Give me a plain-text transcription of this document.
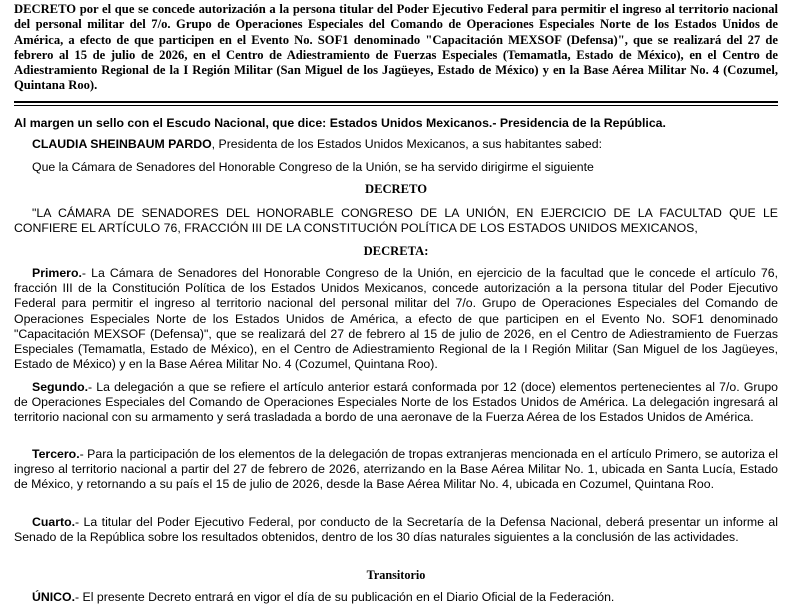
DECRETO por el que se concede autorización a la persona titular del Poder Ejecutivo Federal para permitir el ingreso al territorio nacional del personal militar del 7/o. Grupo de Operaciones Especiales del Comando de Operaciones Especiales Norte de los Estados Unidos de América, a efecto de que participen en el Evento No. SOF1 denominado "Capacitación MEXSOF (Defensa)", que se realizará del 27 de febrero al 15 de julio de 2026, en el Centro de Adiestramiento de Fuerzas Especiales (Temamatla, Estado de México), en el Centro de Adiestramiento Regional de la I Región Militar (San Miguel de los Jagüeyes, Estado de México) y en la Base Aérea Militar No. 4 (Cozumel, Quintana Roo).
Al margen un sello con el Escudo Nacional, que dice: Estados Unidos Mexicanos.- Presidencia de la República.
CLAUDIA SHEINBAUM PARDO, Presidenta de los Estados Unidos Mexicanos, a sus habitantes sabed:
Que la Cámara de Senadores del Honorable Congreso de la Unión, se ha servido dirigirme el siguiente
DECRETO
"LA CÁMARA DE SENADORES DEL HONORABLE CONGRESO DE LA UNIÓN, EN EJERCICIO DE LA FACULTAD QUE LE CONFIERE EL ARTÍCULO 76, FRACCIÓN III DE LA CONSTITUCIÓN POLÍTICA DE LOS ESTADOS UNIDOS MEXICANOS,
DECRETA:
Primero.- La Cámara de Senadores del Honorable Congreso de la Unión, en ejercicio de la facultad que le concede el artículo 76, fracción III de la Constitución Política de los Estados Unidos Mexicanos, concede autorización a la persona titular del Poder Ejecutivo Federal para permitir el ingreso al territorio nacional del personal militar del 7/o. Grupo de Operaciones Especiales del Comando de Operaciones Especiales Norte de los Estados Unidos de América, a efecto de que participen en el Evento No. SOF1 denominado "Capacitación MEXSOF (Defensa)", que se realizará del 27 de febrero al 15 de julio de 2026, en el Centro de Adiestramiento de Fuerzas Especiales (Temamatla, Estado de México), en el Centro de Adiestramiento Regional de la I Región Militar (San Miguel de los Jagüeyes, Estado de México) y en la Base Aérea Militar No. 4 (Cozumel, Quintana Roo).
Segundo.- La delegación a que se refiere el artículo anterior estará conformada por 12 (doce) elementos pertenecientes al 7/o. Grupo de Operaciones Especiales del Comando de Operaciones Especiales Norte de los Estados Unidos de América. La delegación ingresará al territorio nacional con su armamento y será trasladada a bordo de una aeronave de la Fuerza Aérea de los Estados Unidos de América.
Tercero.- Para la participación de los elementos de la delegación de tropas extranjeras mencionada en el artículo Primero, se autoriza el ingreso al territorio nacional a partir del 27 de febrero de 2026, aterrizando en la Base Aérea Militar No. 1, ubicada en Santa Lucía, Estado de México, y retornando a su país el 15 de julio de 2026, desde la Base Aérea Militar No. 4, ubicada en Cozumel, Quintana Roo.
Cuarto.- La titular del Poder Ejecutivo Federal, por conducto de la Secretaría de la Defensa Nacional, deberá presentar un informe al Senado de la República sobre los resultados obtenidos, dentro de los 30 días naturales siguientes a la conclusión de las actividades.
Transitorio
ÚNICO.- El presente Decreto entrará en vigor el día de su publicación en el Diario Oficial de la Federación.
